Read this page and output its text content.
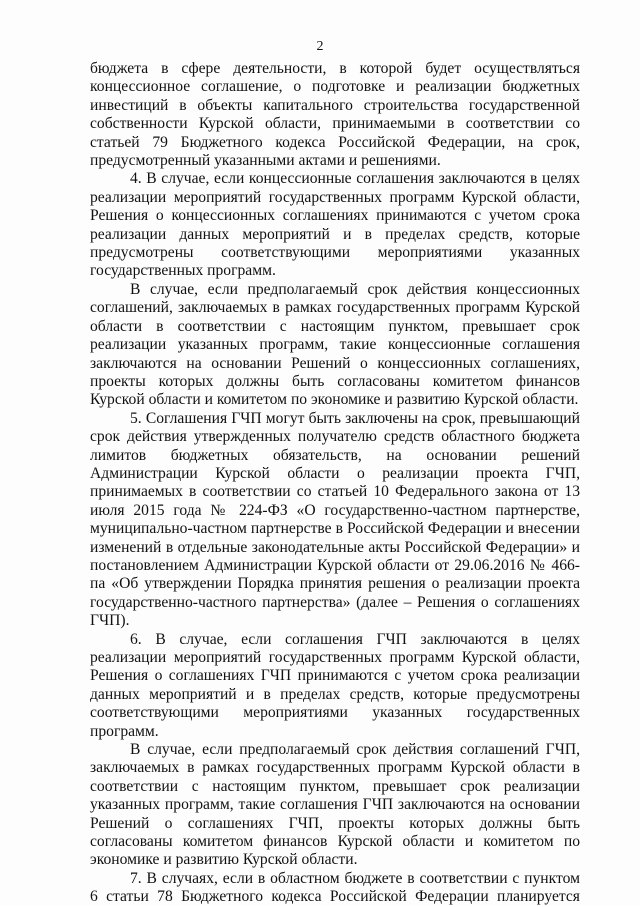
2

бюджета в сфере деятельности, в которой будет осуществляться концессионное соглашение, о подготовке и реализации бюджетных инвестиций в объекты капитального строительства государственной собственности Курской области, принимаемыми в соответствии со статьей 79 Бюджетного кодекса Российской Федерации, на срок, предусмотренный указанными актами и решениями.

4. В случае, если концессионные соглашения заключаются в целях реализации мероприятий государственных программ Курской области, Решения о концессионных соглашениях принимаются с учетом срока реализации данных мероприятий и в пределах средств, которые предусмотрены соответствующими мероприятиями указанных государственных программ.

В случае, если предполагаемый срок действия концессионных соглашений, заключаемых в рамках государственных программ Курской области в соответствии с настоящим пунктом, превышает срок реализации указанных программ, такие концессионные соглашения заключаются на основании Решений о концессионных соглашениях, проекты которых должны быть согласованы комитетом финансов Курской области и комитетом по экономике и развитию Курской области.

5. Соглашения ГЧП могут быть заключены на срок, превышающий срок действия утвержденных получателю средств областного бюджета лимитов бюджетных обязательств, на основании решений Администрации Курской области о реализации проекта ГЧП, принимаемых в соответствии со статьей 10 Федерального закона от 13 июля 2015 года № 224-ФЗ «О государственно-частном партнерстве, муниципально-частном партнерстве в Российской Федерации и внесении изменений в отдельные законодательные акты Российской Федерации» и постановлением Администрации Курской области от 29.06.2016 № 466-па «Об утверждении Порядка принятия решения о реализации проекта государственно-частного партнерства» (далее – Решения о соглашениях ГЧП).

6. В случае, если соглашения ГЧП заключаются в целях реализации мероприятий государственных программ Курской области, Решения о соглашениях ГЧП принимаются с учетом срока реализации данных мероприятий и в пределах средств, которые предусмотрены соответствующими мероприятиями указанных государственных программ.

В случае, если предполагаемый срок действия соглашений ГЧП, заключаемых в рамках государственных программ Курской области в соответствии с настоящим пунктом, превышает срок реализации указанных программ, такие соглашения ГЧП заключаются на основании Решений о соглашениях ГЧП, проекты которых должны быть согласованы комитетом финансов Курской области и комитетом по экономике и развитию Курской области.

7. В случаях, если в областном бюджете в соответствии с пунктом 6 статьи 78 Бюджетного кодекса Российской Федерации планируется
